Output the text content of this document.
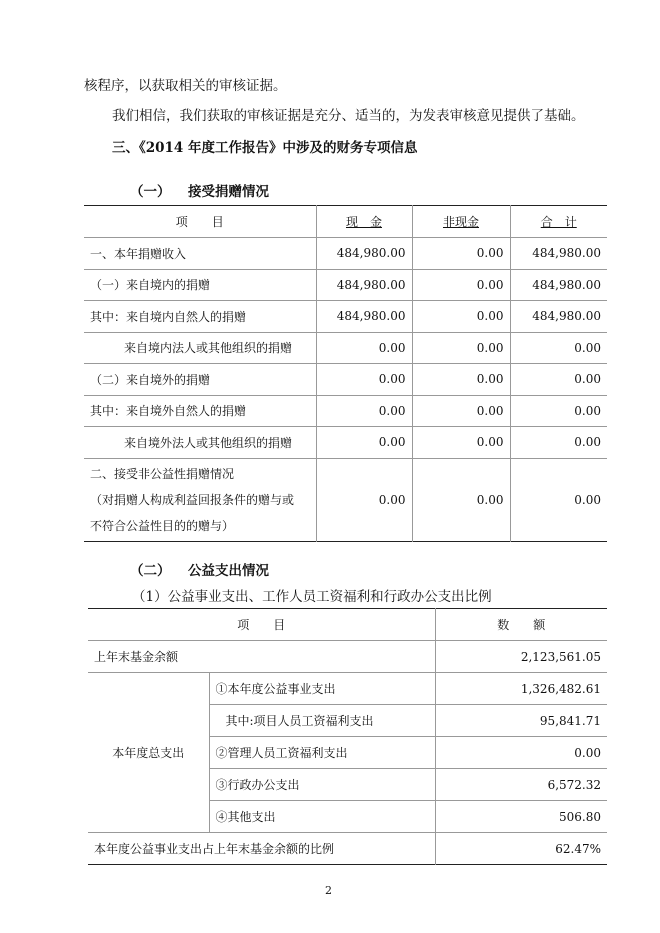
核程序，以获取相关的审核证据。
我们相信，我们获取的审核证据是充分、适当的，为发表审核意见提供了基础。
三、《2014 年度工作报告》中涉及的财务专项信息
（一） 接受捐赠情况
项　　目	现　金	非现金	合　计
一、本年捐赠收入	484,980.00	0.00	484,980.00
（一）来自境内的捐赠	484,980.00	0.00	484,980.00
其中：来自境内自然人的捐赠	484,980.00	0.00	484,980.00
来自境内法人或其他组织的捐赠	0.00	0.00	0.00
（二）来自境外的捐赠	0.00	0.00	0.00
其中：来自境外自然人的捐赠	0.00	0.00	0.00
来自境外法人或其他组织的捐赠	0.00	0.00	0.00

二、接受非公益性捐赠情况
（对捐赠人构成利益回报条件的赠与或
不符合公益性目的的赠与）	0.00	0.00	0.00
（二） 公益支出情况
（1）公益事业支出、工作人员工资福利和行政办公支出比例
项　　目		数　　额
上年末基金余额		2,123,561.05
本年度总支出	①本年度公益事业支出	1,326,482.61
	其中:项目人员工资福利支出	95,841.71
	②管理人员工资福利支出	0.00
	③行政办公支出	6,572.32
	④其他支出	506.80
本年度公益事业支出占上年末基金余额的比例		62.47%
2
